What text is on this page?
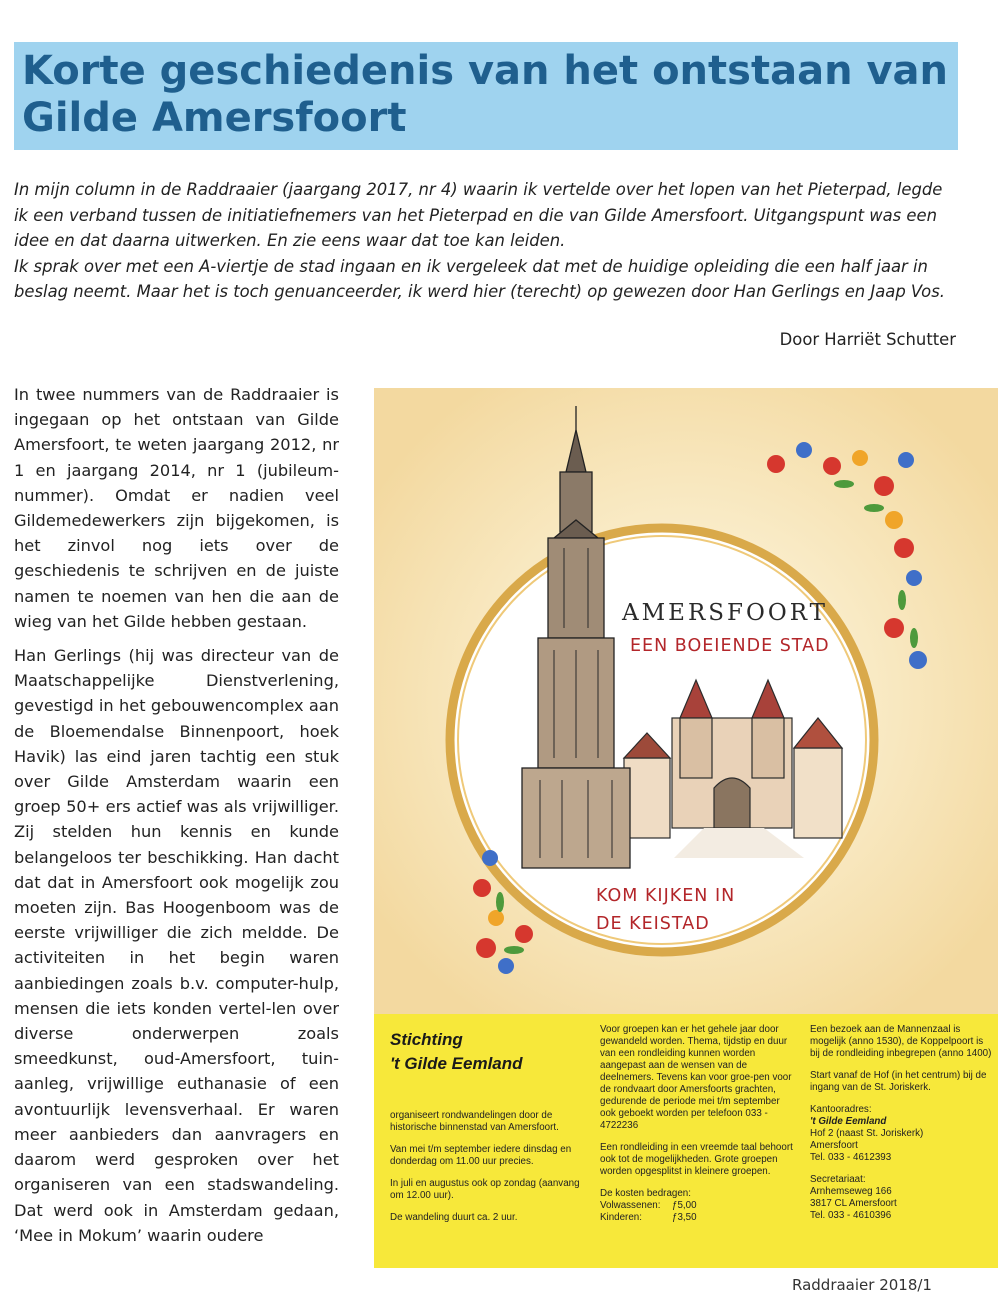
Korte geschiedenis van het ontstaan van Gilde Amersfoort
In mijn column in de Raddraaier (jaargang 2017, nr 4) waarin ik vertelde over het lopen van het Pieterpad, legde ik een verband tussen de initiatiefnemers van het Pieterpad en die van Gilde Amersfoort. Uitgangspunt was een idee en dat daarna uitwerken. En zie eens waar dat toe kan leiden.
Ik sprak over met een A-viertje de stad ingaan en ik vergeleek dat met de huidige opleiding die een half jaar in beslag neemt. Maar het is toch genuanceerder, ik werd hier (terecht) op gewezen door Han Gerlings en Jaap Vos.

Door Harriët Schutter

In twee nummers van de Raddraaier is ingegaan op het ontstaan van Gilde Amersfoort, te weten jaargang 2012, nr 1 en jaargang 2014, nr 1 (jubileum-nummer). Omdat er nadien veel Gildemedewerkers zijn bijgekomen, is het zinvol nog iets over de geschiedenis te schrijven en de juiste namen te noemen van hen die aan de wieg van het Gilde hebben gestaan.

Han Gerlings (hij was directeur van de Maatschappelijke Dienstverlening, gevestigd in het gebouwencomplex aan de Bloemendalse Binnenpoort, hoek Havik) las eind jaren tachtig een stuk over Gilde Amsterdam waarin een groep 50+ ers actief was als vrijwilliger. Zij stelden hun kennis en kunde belangeloos ter beschikking. Han dacht dat dat in Amersfoort ook mogelijk zou moeten zijn. Bas Hoogenboom was de eerste vrijwilliger die zich meldde. De activiteiten in het begin waren aanbiedingen zoals b.v. computer-hulp, mensen die iets konden vertel-len over diverse onderwerpen zoals smeedkunst, oud-Amersfoort, tuin-aanleg, vrijwillige euthanasie of een avontuurlijk levensverhaal. Er waren meer aanbieders dan aanvragers en daarom werd gesproken over het organiseren van een stadswandeling. Dat werd ook in Amsterdam gedaan, ‘Mee in Mokum’ waarin oudere

AMERSFOORT

EEN BOEIENDE STAD

KOM KIJKEN IN
DE KEISTAD
Stichting
't Gilde Eemland

organiseert rondwandelingen door de historische binnenstad van Amersfoort.

Van mei t/m september iedere dinsdag en donderdag om 11.00 uur precies.

In juli en augustus ook op zondag (aanvang om 12.00 uur).

De wandeling duurt ca. 2 uur.

Voor groepen kan er het gehele jaar door gewandeld worden. Thema, tijdstip en duur van een rondleiding kunnen worden aangepast aan de wensen van de deelnemers. Tevens kan voor groe-pen voor de rondvaart door Amersfoorts grachten, gedurende de periode mei t/m september ook geboekt worden per telefoon 033 - 4722236

Een rondleiding in een vreemde taal behoort ook tot de mogelijkheden. Grote groepen worden opgesplitst in kleinere groepen.

De kosten bedragen:
Volwassenen:	ƒ5,00
Kinderen:	ƒ3,50

Een bezoek aan de Mannenzaal is mogelijk (anno 1530), de Koppelpoort is bij de rondleiding inbegrepen (anno 1400)

Start vanaf de Hof (in het centrum) bij de ingang van de St. Joriskerk.

Kantooradres:
't Gilde Eemland
Hof 2 (naast St. Joriskerk)
Amersfoort
Tel. 033 - 4612393
Secretariaat:
Arnhemseweg 166
3817 CL Amersfoort
Tel. 033 - 4610396

Raddraaier 2018/1
